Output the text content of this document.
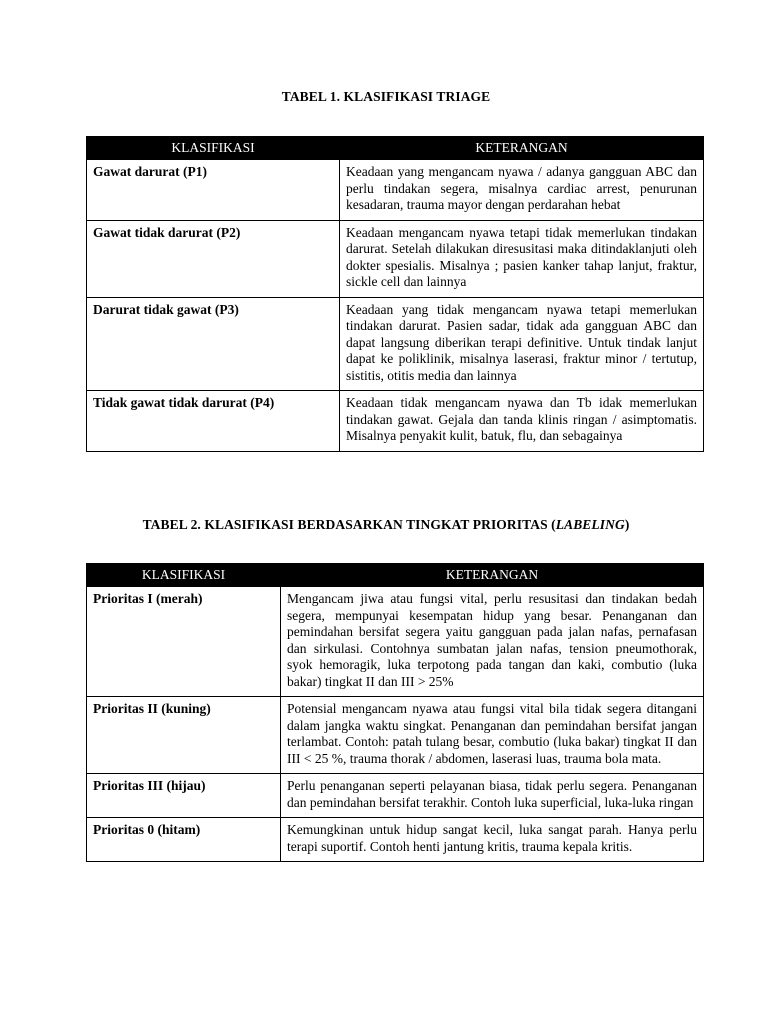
TABEL 1. KLASIFIKASI TRIAGE
KLASIFIKASI	KETERANGAN
Gawat darurat (P1)	Keadaan yang mengancam nyawa / adanya gangguan ABC dan perlu tindakan segera, misalnya cardiac arrest, penurunan kesadaran, trauma mayor dengan perdarahan hebat
Gawat tidak darurat (P2)	Keadaan mengancam nyawa tetapi tidak memerlukan tindakan darurat. Setelah dilakukan diresusitasi maka ditindaklanjuti oleh dokter spesialis. Misalnya ; pasien kanker tahap lanjut, fraktur, sickle cell dan lainnya
Darurat tidak gawat (P3)	Keadaan yang tidak mengancam nyawa tetapi memerlukan tindakan darurat. Pasien sadar, tidak ada gangguan ABC dan dapat langsung diberikan terapi definitive. Untuk tindak lanjut dapat ke poliklinik, misalnya laserasi, fraktur minor / tertutup, sistitis, otitis media dan lainnya
Tidak gawat tidak darurat (P4)	Keadaan tidak mengancam nyawa dan Tb idak memerlukan tindakan gawat. Gejala dan tanda klinis ringan / asimptomatis. Misalnya penyakit kulit, batuk, flu, dan sebagainya
TABEL 2. KLASIFIKASI BERDASARKAN TINGKAT PRIORITAS (LABELING)
KLASIFIKASI	KETERANGAN
Prioritas I (merah)	Mengancam jiwa atau fungsi vital, perlu resusitasi dan tindakan bedah segera, mempunyai kesempatan hidup yang besar. Penanganan dan pemindahan bersifat segera yaitu gangguan pada jalan nafas, pernafasan dan sirkulasi. Contohnya sumbatan jalan nafas, tension pneumothorak, syok hemoragik, luka terpotong pada tangan dan kaki, combutio (luka bakar) tingkat II dan III > 25%
Prioritas II (kuning)	Potensial mengancam nyawa atau fungsi vital bila tidak segera ditangani dalam jangka waktu singkat. Penanganan dan pemindahan bersifat jangan terlambat. Contoh: patah tulang besar, combutio (luka bakar) tingkat II dan III < 25 %, trauma thorak / abdomen, laserasi luas, trauma bola mata.
Prioritas III (hijau)	Perlu penanganan seperti pelayanan biasa, tidak perlu segera. Penanganan dan pemindahan bersifat terakhir. Contoh luka superficial, luka-luka ringan
Prioritas 0 (hitam)	Kemungkinan untuk hidup sangat kecil, luka sangat parah. Hanya perlu terapi suportif. Contoh henti jantung kritis, trauma kepala kritis.
